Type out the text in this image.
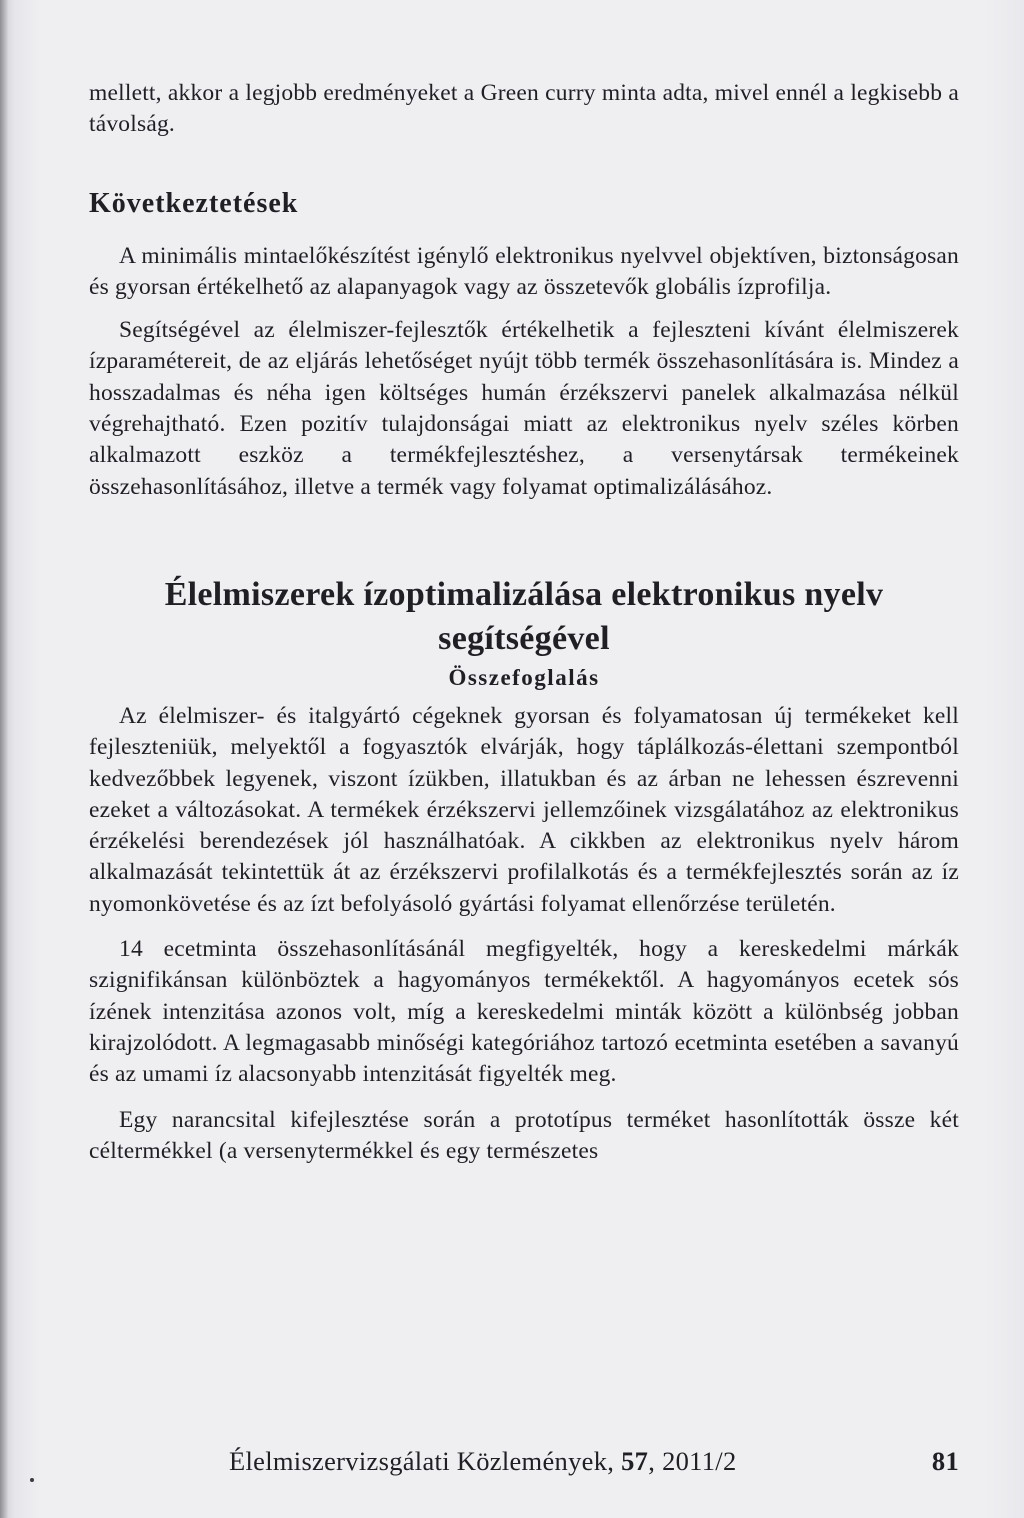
mellett, akkor a legjobb eredményeket a Green curry minta adta, mivel ennél a legkisebb a távolság.

Következtetések

A minimális mintaelőkészítést igénylő elektronikus nyelvvel objektíven, biztonságosan és gyorsan értékelhető az alapanyagok vagy az összetevők globális ízprofilja.

Segítségével az élelmiszer-fejlesztők értékelhetik a fejleszteni kívánt élelmiszerek ízparamétereit, de az eljárás lehetőséget nyújt több termék összehasonlítására is. Mindez a hosszadalmas és néha igen költséges humán érzékszervi panelek alkalmazása nélkül végrehajtható. Ezen pozitív tulajdonságai miatt az elektronikus nyelv széles körben alkalmazott eszköz a termékfejlesztéshez, a versenytársak termékeinek összehasonlításához, illetve a termék vagy folyamat optimalizálásához.

Élelmiszerek ízoptimalizálása elektronikus nyelv segítségével
Összefoglalás

Az élelmiszer- és italgyártó cégeknek gyorsan és folyamatosan új termékeket kell fejleszteniük, melyektől a fogyasztók elvárják, hogy táplálkozás-élettani szempontból kedvezőbbek legyenek, viszont ízükben, illatukban és az árban ne lehessen észrevenni ezeket a változásokat. A termékek érzékszervi jellemzőinek vizsgálatához az elektronikus érzékelési berendezések jól használhatóak. A cikkben az elektronikus nyelv három alkalmazását tekintettük át az érzékszervi profilalkotás és a termékfejlesztés során az íz nyomonkövetése és az ízt befolyásoló gyártási folyamat ellenőrzése területén.

14 ecetminta összehasonlításánál megfigyelték, hogy a kereskedelmi márkák szignifikánsan különböztek a hagyományos termékektől. A hagyományos ecetek sós ízének intenzitása azonos volt, míg a kereskedelmi minták között a különbség jobban kirajzolódott. A legmagasabb minőségi kategóriához tartozó ecetminta esetében a savanyú és az umami íz alacsonyabb intenzitását figyelték meg.

Egy narancsital kifejlesztése során a prototípus terméket hasonlították össze két céltermékkel (a versenytermékkel és egy természetes

Élelmiszervizsgálati Közlemények, 57, 2011/2	81
